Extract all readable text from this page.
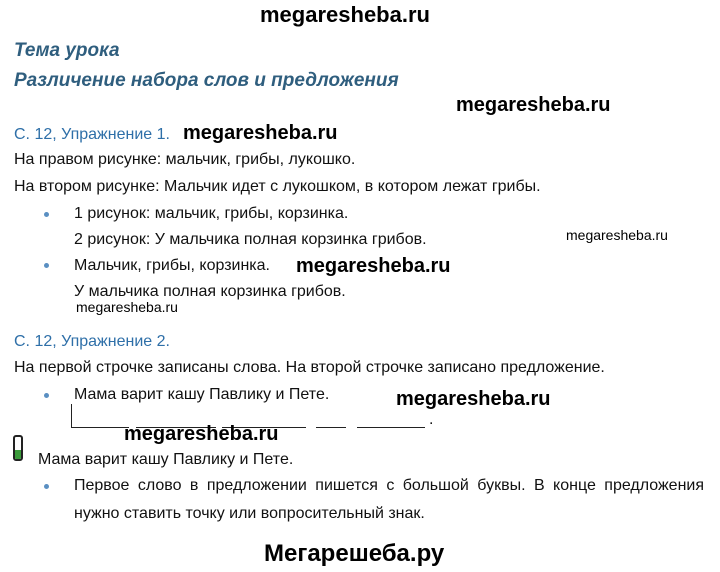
megaresheba.ru
megaresheba.ru
Тема урока
Различение набора слов и предложения
С. 12, Упражнение 1. megaresheba.ru
На правом рисунке: мальчик, грибы, лукошко.
На втором рисунке: Мальчик идет с лукошком, в котором лежат грибы.
1 рисунок: мальчик, грибы, корзинка.
2 рисунок: У мальчика полная корзинка грибов.	megaresheba.ru
Мальчик, грибы, корзинка. megaresheba.ru
У мальчика полная корзинка грибов.
megaresheba.ru
С. 12, Упражнение 2.
На первой строчке записаны слова. На второй строчке записано предложение.
Мама варит кашу Павлику и Пете.	megaresheba.ru
.
megaresheba.ru
Мама варит кашу Павлику и Пете.
Первое слово в предложении пишется с большой буквы. В конце предложения нужно ставить точку или вопросительный знак.
Мегарешеба.ру
